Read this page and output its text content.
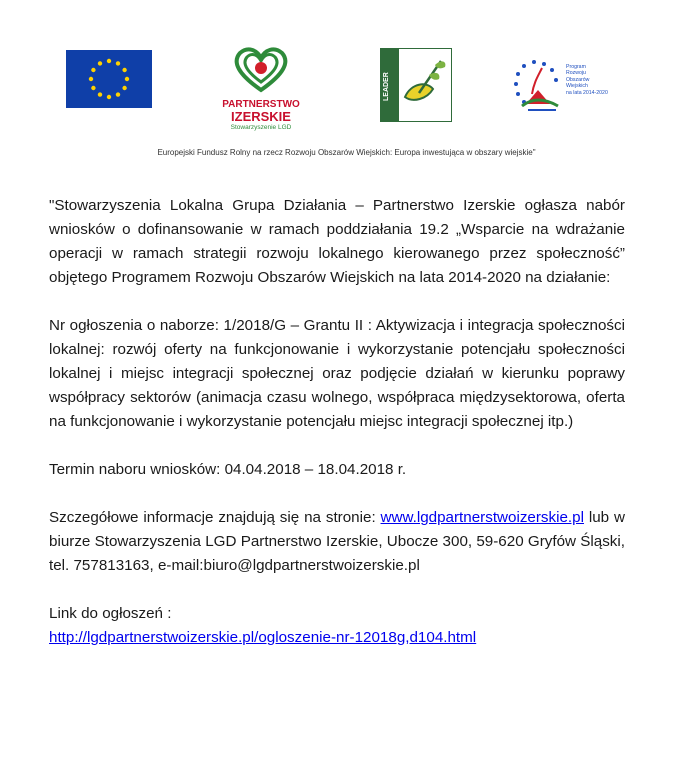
PARTNERSTWO
IZERSKIE
Stowarzyszenie LGD
LEADER
Program
Rozwoju
Obszarów
Wiejskich
na lata 2014-2020
Europejski Fundusz Rolny na rzecz Rozwoju Obszarów Wiejskich: Europa inwestująca w obszary wiejskie"

"Stowarzyszenia Lokalna Grupa Działania – Partnerstwo Izerskie ogłasza nabór wniosków o dofinansowanie w ramach poddziałania 19.2 „Wsparcie na wdrażanie operacji w ramach strategii rozwoju lokalnego kierowanego przez społeczność” objętego Programem Rozwoju Obszarów Wiejskich na lata 2014-2020 na działanie:

Nr ogłoszenia o naborze: 1/2018/G – Grantu II : Aktywizacja i integracja społeczności lokalnej: rozwój oferty na funkcjonowanie i wykorzystanie potencjału społeczności lokalnej i miejsc integracji społecznej oraz podjęcie działań w kierunku poprawy współpracy sektorów (animacja czasu wolnego, współpraca międzysektorowa, oferta na funkcjonowanie i wykorzystanie potencjału miejsc integracji społecznej itp.)

Termin naboru wniosków: 04.04.2018 – 18.04.2018 r.

Szczegółowe informacje znajdują się na stronie: www.lgdpartnerstwoizerskie.pl lub w biurze Stowarzyszenia LGD Partnerstwo Izerskie, Ubocze 300, 59-620 Gryfów Śląski, tel. 757813163, e-mail:biuro@lgdpartnerstwoizerskie.pl

Link do ogłoszeń :
http://lgdpartnerstwoizerskie.pl/ogloszenie-nr-12018g,d104.html
